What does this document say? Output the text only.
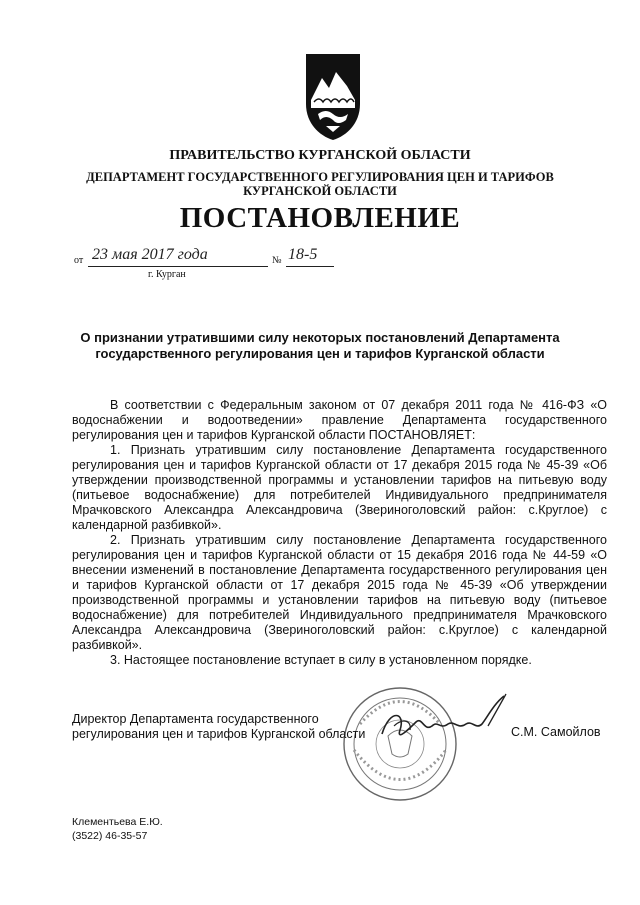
ПРАВИТЕЛЬСТВО КУРГАНСКОЙ ОБЛАСТИ
ДЕПАРТАМЕНТ ГОСУДАРСТВЕННОГО РЕГУЛИРОВАНИЯ ЦЕН И ТАРИФОВ
КУРГАНСКОЙ ОБЛАСТИ
ПОСТАНОВЛЕНИЕ
от 23 мая 2017 года	№ 18-5
г. Курган
О признании утратившими силу некоторых постановлений Департамента
государственного регулирования цен и тарифов Курганской области

В соответствии с Федеральным законом от 07 декабря 2011 года № 416-ФЗ «О водоснабжении и водоотведении» правление Департамента государственного регулирования цен и тарифов Курганской области ПОСТАНОВЛЯЕТ:

1. Признать утратившим силу постановление Департамента государственного регулирования цен и тарифов Курганской области от 17 декабря 2015 года № 45-39 «Об утверждении производственной программы и установлении тарифов на питьевую воду (питьевое водоснабжение) для потребителей Индивидуального предпринимателя Мрачковского Александра Александровича (Звериноголовский район: с.Круглое) с календарной разбивкой».

2. Признать утратившим силу постановление Департамента государственного регулирования цен и тарифов Курганской области от 15 декабря 2016 года № 44-59 «О внесении изменений в постановление Департамента государственного регулирования цен и тарифов Курганской области от 17 декабря 2015 года № 45-39 «Об утверждении производственной программы и установлении тарифов на питьевую воду (питьевое водоснабжение) для потребителей Индивидуального предпринимателя Мрачковского Александра Александровича (Звериноголовский район: с.Круглое) с календарной разбивкой».

3. Настоящее постановление вступает в силу в установленном порядке.

Директор Департамента государственного
регулирования цен и тарифов Курганской области	С.М. Самойлов
Клементьева Е.Ю.
(3522) 46-35-57
